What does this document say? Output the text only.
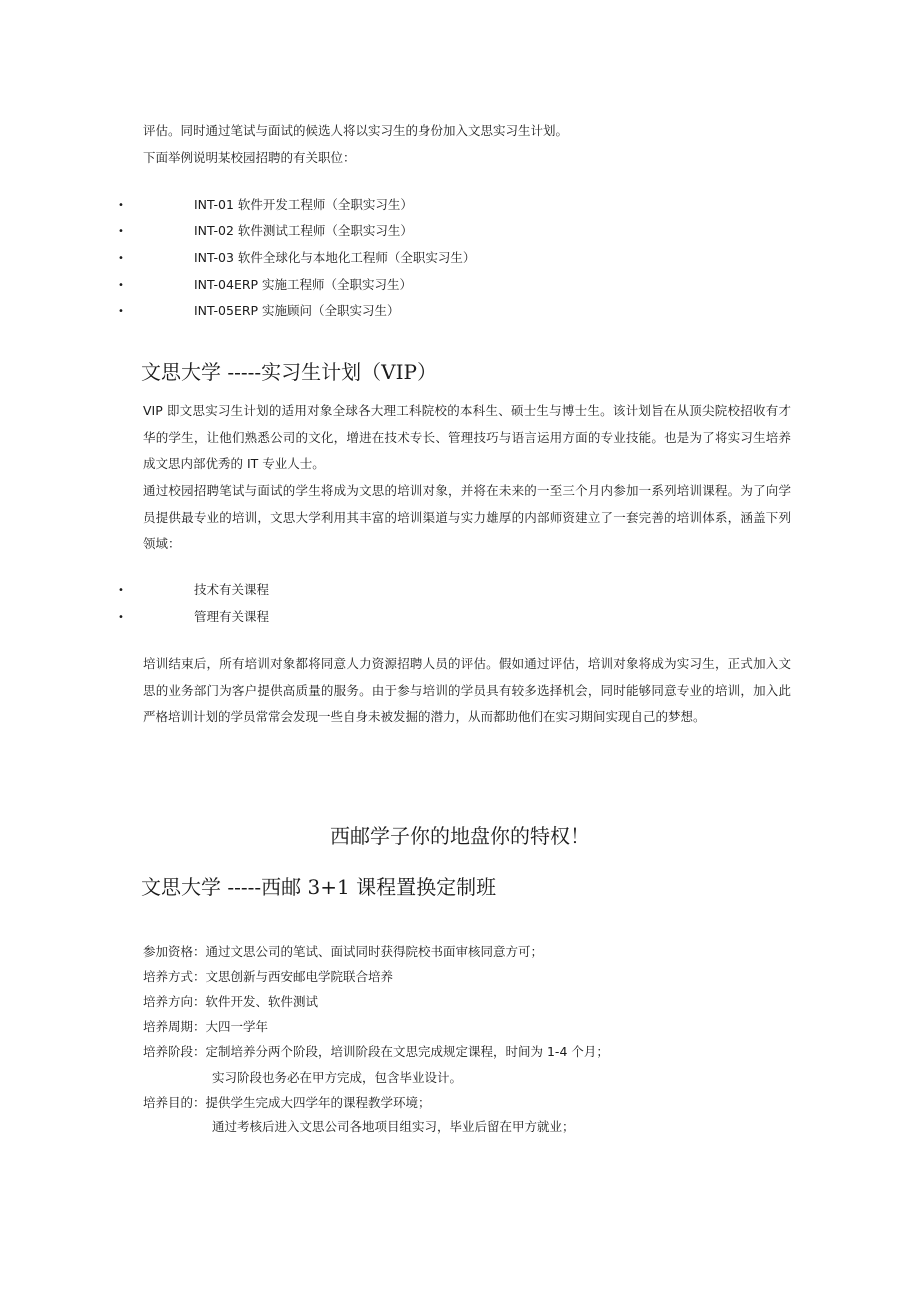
评估。同时通过笔试与面试的候选人将以实习生的身份加入文思实习生计划。
下面举例说明某校园招聘的有关职位：
•	INT-01 软件开发工程师（全职实习生）
•	INT-02 软件测试工程师（全职实习生）
•	INT-03 软件全球化与本地化工程师（全职实习生）
•	INT-04ERP 实施工程师（全职实习生）
•	INT-05ERP 实施顾问（全职实习生）
文思大学 -----实习生计划（VIP）
VIP 即文思实习生计划的适用对象全球各大理工科院校的本科生、硕士生与博士生。该计划旨在从顶尖院校招收有才华的学生，让他们熟悉公司的文化，增进在技术专长、管理技巧与语言运用方面的专业技能。也是为了将实习生培养成文思内部优秀的 IT 专业人士。
通过校园招聘笔试与面试的学生将成为文思的培训对象，并将在未来的一至三个月内参加一系列培训课程。为了向学员提供最专业的培训，文思大学利用其丰富的培训渠道与实力雄厚的内部师资建立了一套完善的培训体系，涵盖下列领域：
•	技术有关课程
•	管理有关课程
培训结束后，所有培训对象都将同意人力资源招聘人员的评估。假如通过评估，培训对象将成为实习生，正式加入文思的业务部门为客户提供高质量的服务。由于参与培训的学员具有较多选择机会，同时能够同意专业的培训，加入此严格培训计划的学员常常会发现一些自身未被发掘的潜力，从而都助他们在实习期间实现自己的梦想。
西邮学子你的地盘你的特权！
文思大学 -----西邮 3+1 课程置换定制班
参加资格：通过文思公司的笔试、面试同时获得院校书面审核同意方可；
培养方式：文思创新与西安邮电学院联合培养
培养方向：软件开发、软件测试
培养周期：大四一学年
培养阶段：定制培养分两个阶段，培训阶段在文思完成规定课程，时间为 1-4 个月；
实习阶段也务必在甲方完成，包含毕业设计。
培养目的：提供学生完成大四学年的课程教学环境；
通过考核后进入文思公司各地项目组实习，毕业后留在甲方就业；
